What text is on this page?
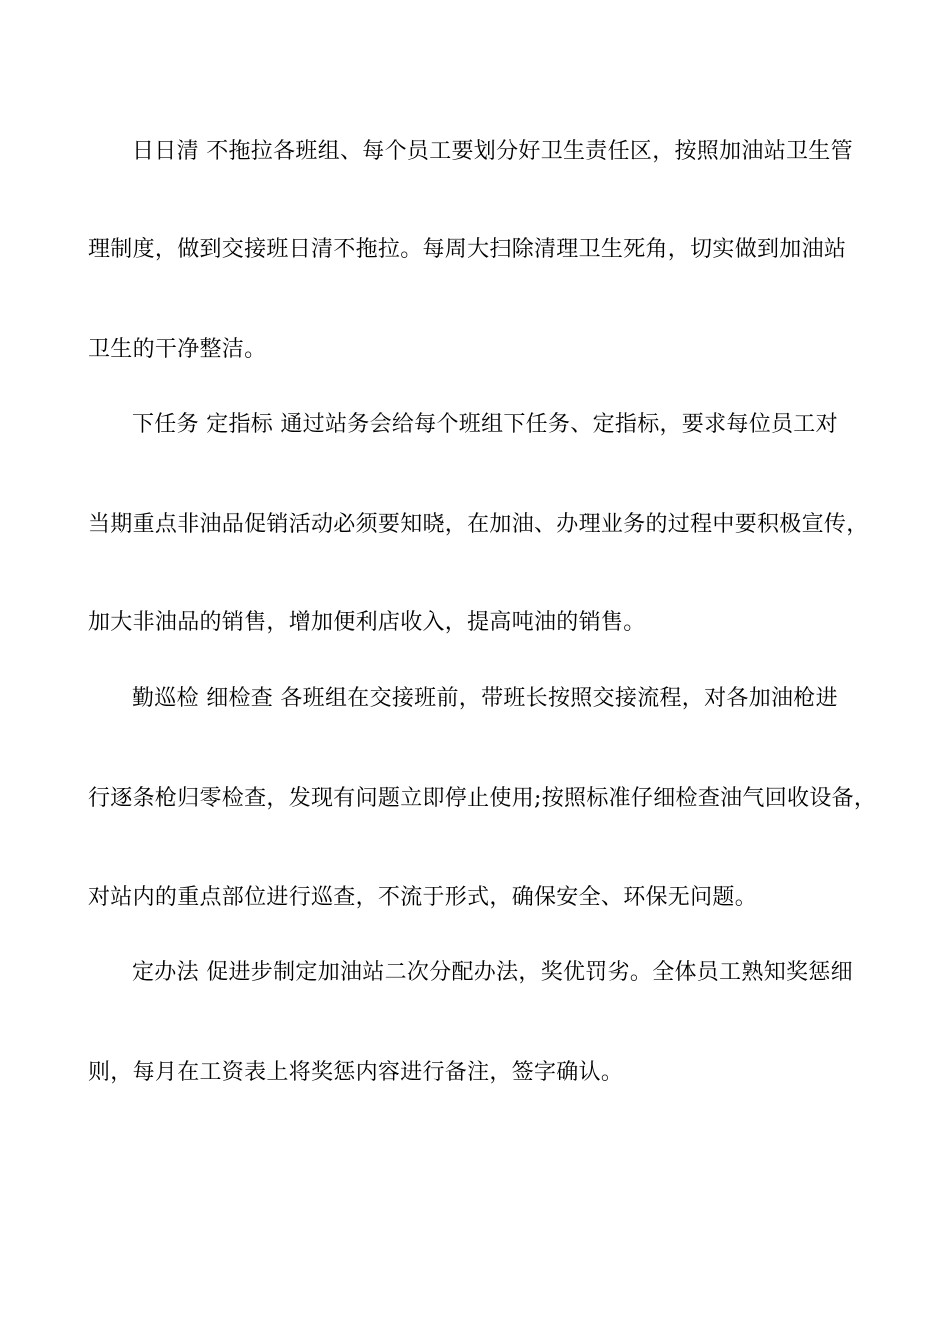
日日清 不拖拉各班组、每个员工要划分好卫生责任区，按照加油站卫生管
理制度，做到交接班日清不拖拉。每周大扫除清理卫生死角，切实做到加油站
卫生的干净整洁。
下任务 定指标 通过站务会给每个班组下任务、定指标，要求每位员工对
当期重点非油品促销活动必须要知晓，在加油、办理业务的过程中要积极宣传，
加大非油品的销售，增加便利店收入，提高吨油的销售。
勤巡检 细检查 各班组在交接班前，带班长按照交接流程，对各加油枪进
行逐条枪归零检查，发现有问题立即停止使用;按照标准仔细检查油气回收设备，
对站内的重点部位进行巡查，不流于形式，确保安全、环保无问题。
定办法 促进步制定加油站二次分配办法，奖优罚劣。全体员工熟知奖惩细
则，每月在工资表上将奖惩内容进行备注，签字确认。
